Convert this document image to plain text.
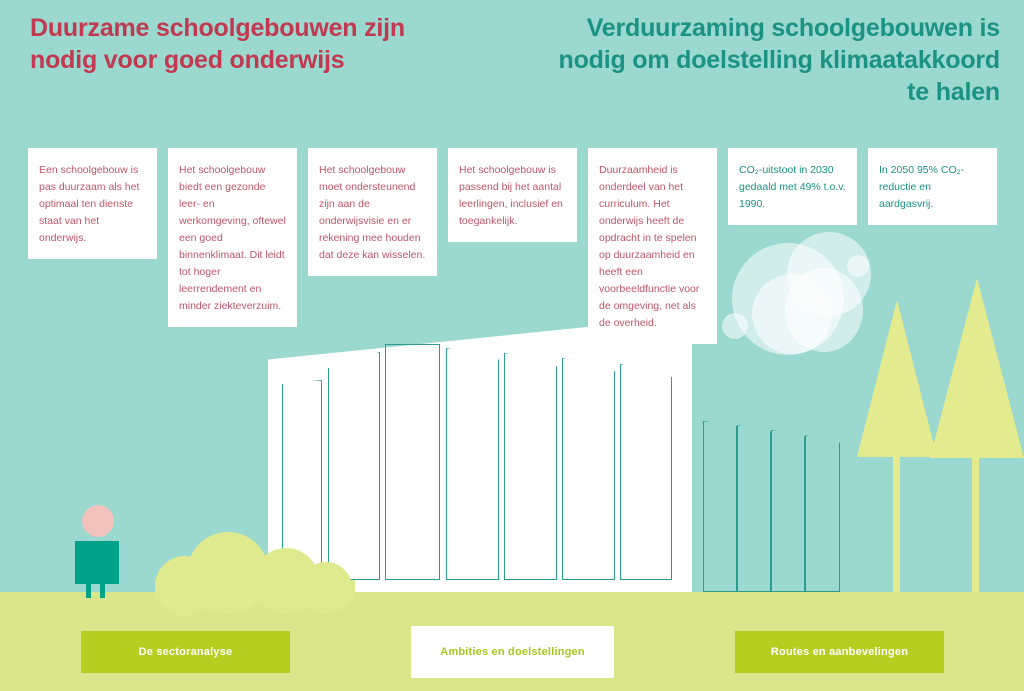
Duurzame schoolgebouwen zijn nodig voor goed onderwijs
Verduurzaming schoolgebouwen is nodig om doelstelling klimaatakkoord te halen
Een schoolgebouw is pas duurzaam als het optimaal ten dienste staat van het onderwijs.
Het schoolgebouw biedt een gezonde leer- en werkomgeving, oftewel een goed binnenklimaat. Dit leidt tot hoger leerrendement en minder ziekteverzuim.
Het schoolgebouw moet ondersteunend zijn aan de onderwijsvisie en er rekening mee houden dat deze kan wisselen.
Het schoolgebouw is passend bij het aantal leerlingen, inclusief en toegankelijk.
Duurzaamheid is onderdeel van het curriculum. Het onderwijs heeft de opdracht in te spelen op duurzaamheid en heeft een voorbeeldfunctie voor de omgeving, net als de overheid.
CO₂-uitstoot in 2030 gedaald met 49% t.o.v. 1990.
In 2050 95% CO₂-reductie en aardgasvrij.
De sectoranalyse	Ambities en doelstellingen	Routes en aanbevelingen
